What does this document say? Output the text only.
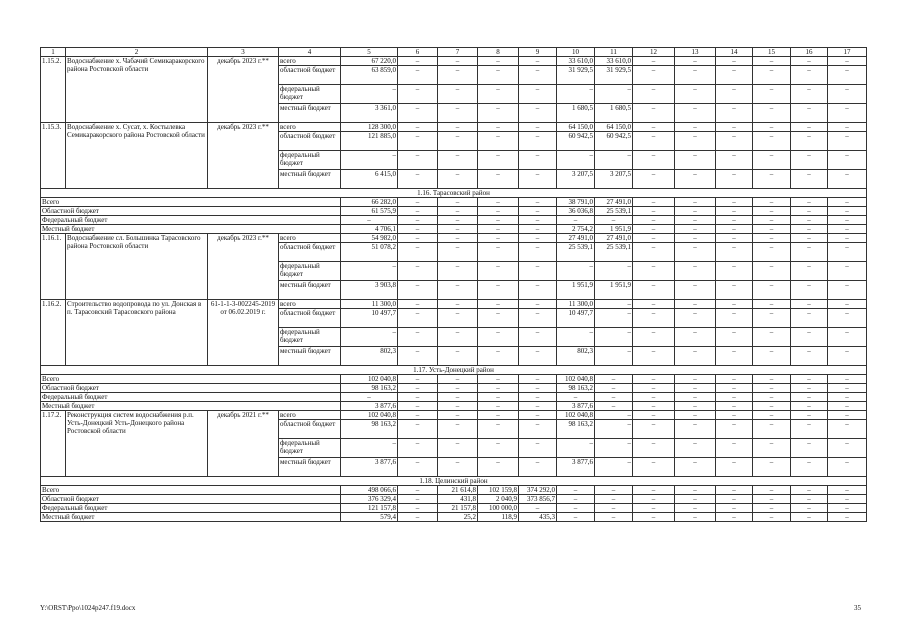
1	2	3	4	5	6	7	8	9	10	11	12	13	14	15	16	17
1.15.2.	Водоснабжение х. Чабачий Семикаракорского района Ростовской области	декабрь 2023 г.**	всего	67 220,0	–	–	–	–	33 610,0	33 610,0	–	–	–	–	–	–
			областной бюджет	63 859,0	–	–	–	–	31 929,5	31 929,5	–	–	–	–	–	–
			федеральный бюджет	–	–	–	–	–	–	–	–	–	–	–	–	–
			местный бюджет	3 361,0	–	–	–	–	1 680,5	1 680,5	–	–	–	–	–	–
1.15.3.	Водоснабжение х. Сусат, х. Костылевка Семикаракорского района Ростовской области	декабрь 2023 г.**	всего	128 300,0	–	–	–	–	64 150,0	64 150,0	–	–	–	–	–	–
			областной бюджет	121 885,0	–	–	–	–	60 942,5	60 942,5	–	–	–	–	–	–
			федеральный бюджет	–	–	–	–	–	–	–	–	–	–	–	–	–
			местный бюджет	6 415,0	–	–	–	–	3 207,5	3 207,5	–	–	–	–	–	–
1.16. Тарасовский район																
Всего				66 282,0	–	–	–	–	38 791,0	27 491,0	–	–	–	–	–	–
Областной бюджет				61 575,9	–	–	–	–	36 036,8	25 539,1	–	–	–	–	–	–
Федеральный бюджет				–	–	–	–	–	–	–	–	–	–	–	–	–
Местный бюджет				4 706,1	–	–	–	–	2 754,2	1 951,9	–	–	–	–	–	–
1.16.1.	Водоснабжение сл. Большинка Тарасовского района Ростовской области	декабрь 2023 г.**	всего	54 982,0	–	–	–	–	27 491,0	27 491,0	–	–	–	–	–	–
			областной бюджет	51 078,2	–	–	–	–	25 539,1	25 539,1	–	–	–	–	–	–
			федеральный бюджет	–	–	–	–	–	–	–	–	–	–	–	–	–
			местный бюджет	3 903,8	–	–	–	–	1 951,9	1 951,9	–	–	–	–	–	–
1.16.2.	Строительство водопровода по ул. Донская в п. Тарасовский Тарасовского района	61-1-1-3-002245-2019 от 06.02.2019 г.	всего	11 300,0	–	–	–	–	11 300,0	–	–	–	–	–	–	–
			областной бюджет	10 497,7	–	–	–	–	10 497,7	–	–	–	–	–	–	–
			федеральный бюджет	–	–	–	–	–	–	–	–	–	–	–	–	–
			местный бюджет	802,3	–	–	–	–	802,3	–	–	–	–	–	–	–
1.17. Усть-Донецкий район																
Всего				102 040,8	–	–	–	–	102 040,8	–	–	–	–	–	–	–
Областной бюджет				98 163,2	–	–	–	–	98 163,2	–	–	–	–	–	–	–
Федеральный бюджет				–	–	–	–	–	–	–	–	–	–	–	–	–
Местный бюджет				3 877,6	–	–	–	–	3 877,6	–	–	–	–	–	–	–
1.17.2.	Реконструкция систем водоснабжения р.п. Усть-Донецкий Усть-Донецкого района Ростовской области	декабрь 2021 г.**	всего	102 040,8	–	–	–	–	102 040,8	–	–	–	–	–	–	–
			областной бюджет	98 163,2	–	–	–	–	98 163,2	–	–	–	–	–	–	–
			федеральный бюджет	–	–	–	–	–	–	–	–	–	–	–	–	–
			местный бюджет	3 877,6	–	–	–	–	3 877,6	–	–	–	–	–	–	–
1.18. Целинский район																
Всего				498 066,6	–	21 614,8	102 159,8	374 292,0	–	–	–	–	–	–	–	–
Областной бюджет				376 329,4	–	431,8	2 040,9	373 856,7	–	–	–	–	–	–	–	–
Федеральный бюджет				121 157,8	–	21 157,8	100 000,0	–	–	–	–	–	–	–	–	–
Местный бюджет				579,4	–	25,2	118,9	435,3	–	–	–	–	–	–	–	–
Y:\ORST\Ppo\1024p247.f19.docx	35
